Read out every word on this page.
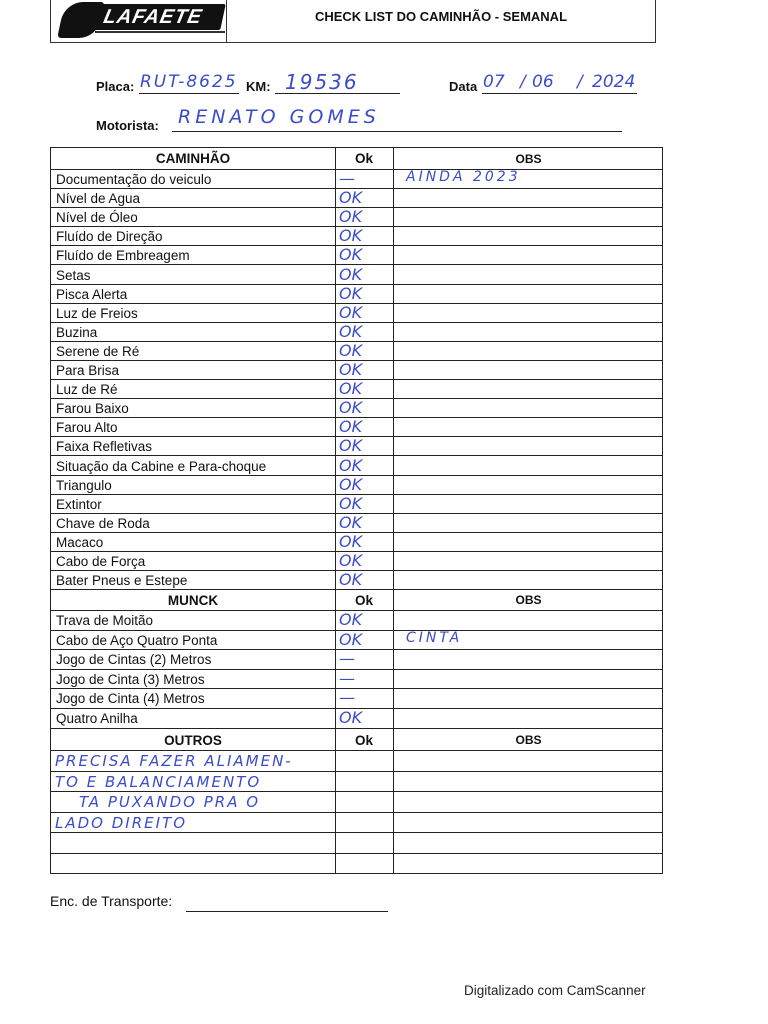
LAFAETE	CHECK LIST DO CAMINHÃO - SEMANAL
Placa: RUT-8625 KM: 19536	Data 07 / 06 / 2024
Motorista: RENATO GOMES
CAMINHÃO	Ok	OBS
Documentação do veiculo	—	AINDA 2023
Nível de Agua	OK
Nível de Óleo	OK
Fluído de Direção	OK
Fluído de Embreagem	OK
Setas	OK
Pisca Alerta	OK
Luz de Freios	OK
Buzina	OK
Serene de Ré	OK
Para Brisa	OK
Luz de Ré	OK
Farou Baixo	OK
Farou Alto	OK
Faixa Refletivas	OK
Situação da Cabine e Para-choque	OK
Triangulo	OK
Extintor	OK
Chave de Roda	OK
Macaco	OK
Cabo de Força	OK
Bater Pneus e Estepe	OK
MUNCK	Ok	OBS
Trava de Moitão	OK
Cabo de Aço Quatro Ponta	OK	CINTA
Jogo de Cintas (2) Metros	—
Jogo de Cinta (3) Metros	—
Jogo de Cinta (4) Metros	—
Quatro Anilha	OK
OUTROS	Ok	OBS
PRECISA FAZER ALIAMEN-
TO E BALANCIAMENTO
TA PUXANDO PRA O
LADO DIREITO
Enc. de Transporte:
Digitalizado com CamScanner
